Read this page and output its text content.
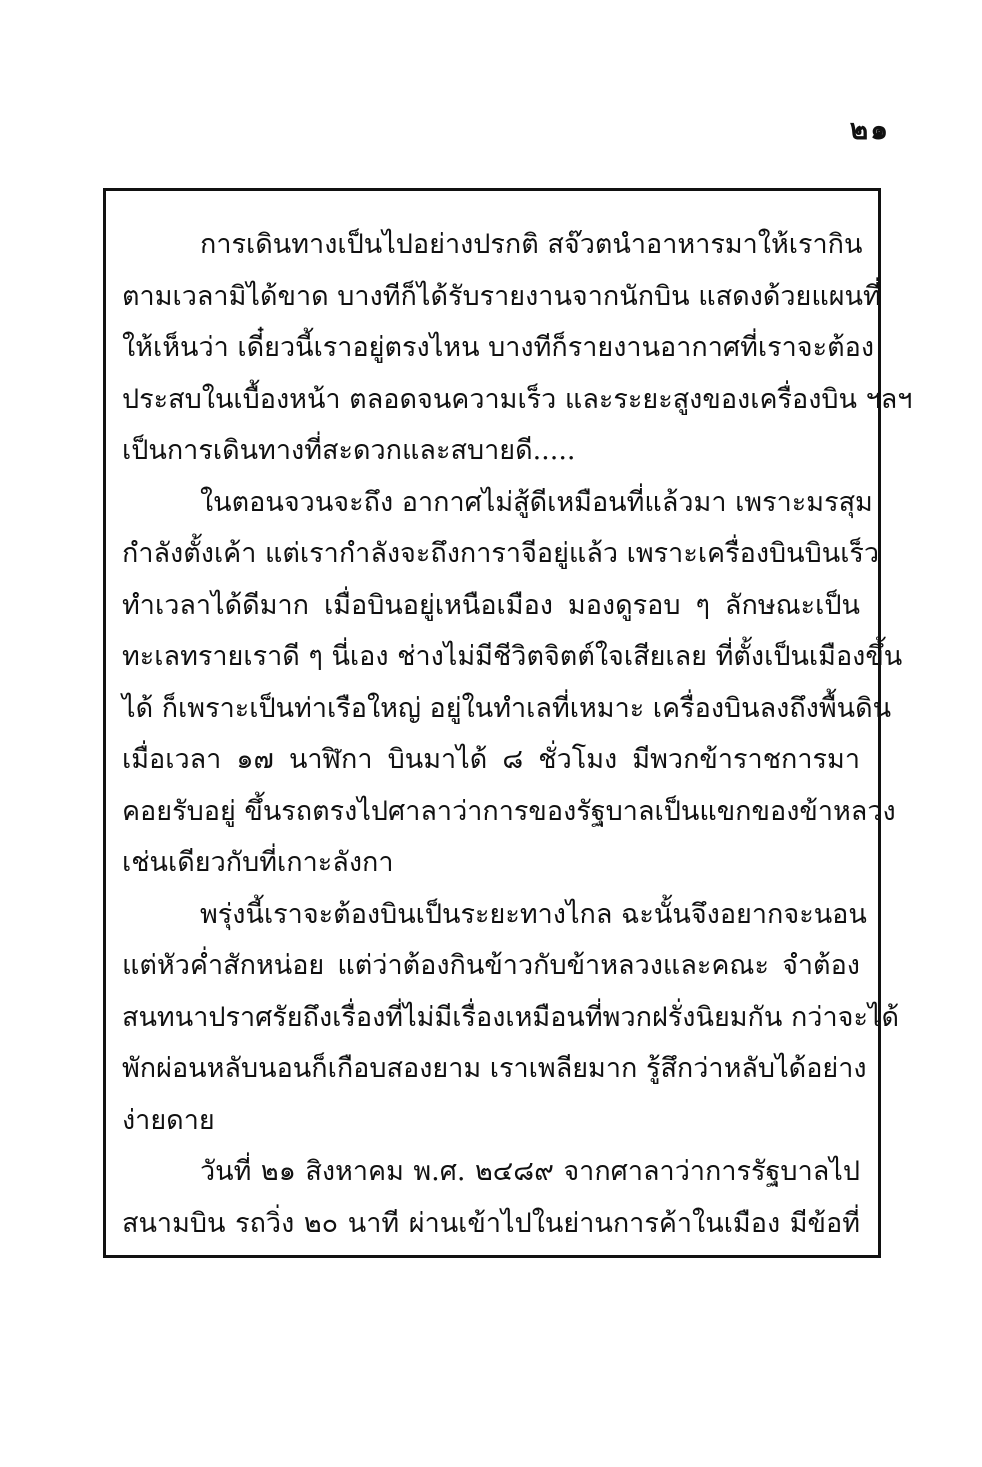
๒๑
การเดินทางเป็นไปอย่างปรกติ สจ๊วตนำอาหารมาให้เรากิน
ตามเวลามิได้ขาด บางทีก็ได้รับรายงานจากนักบิน แสดงด้วยแผนที่
ให้เห็นว่า เดี๋ยวนี้เราอยู่ตรงไหน บางทีก็รายงานอากาศที่เราจะต้อง
ประสบในเบื้องหน้า ตลอดจนความเร็ว และระยะสูงของเครื่องบิน ฯลฯ
เป็นการเดินทางที่สะดวกและสบายดี.....
ในตอนจวนจะถึง อากาศไม่สู้ดีเหมือนที่แล้วมา เพราะมรสุม
กำลังตั้งเค้า แต่เรากำลังจะถึงการาจีอยู่แล้ว เพราะเครื่องบินบินเร็ว
ทำเวลาได้ดีมาก เมื่อบินอยู่เหนือเมือง มองดูรอบ ๆ ลักษณะเป็น
ทะเลทรายเราดี ๆ นี่เอง ช่างไม่มีชีวิตจิตต์ใจเสียเลย ที่ตั้งเป็นเมืองขึ้น
ได้ ก็เพราะเป็นท่าเรือใหญ่ อยู่ในทำเลที่เหมาะ เครื่องบินลงถึงพื้นดิน
เมื่อเวลา ๑๗ นาฬิกา บินมาได้ ๘ ชั่วโมง มีพวกข้าราชการมา
คอยรับอยู่ ขึ้นรถตรงไปศาลาว่าการของรัฐบาลเป็นแขกของข้าหลวง
เช่นเดียวกับที่เกาะลังกา
พรุ่งนี้เราจะต้องบินเป็นระยะทางไกล ฉะนั้นจึงอยากจะนอน
แต่หัวค่ำสักหน่อย แต่ว่าต้องกินข้าวกับข้าหลวงและคณะ จำต้อง
สนทนาปราศรัยถึงเรื่องที่ไม่มีเรื่องเหมือนที่พวกฝรั่งนิยมกัน กว่าจะได้
พักผ่อนหลับนอนก็เกือบสองยาม เราเพลียมาก รู้สึกว่าหลับได้อย่าง
ง่ายดาย
วันที่ ๒๑ สิงหาคม พ.ศ. ๒๔๘๙ จากศาลาว่าการรัฐบาลไป
สนามบิน รถวิ่ง ๒๐ นาที ผ่านเข้าไปในย่านการค้าในเมือง มีข้อที่
